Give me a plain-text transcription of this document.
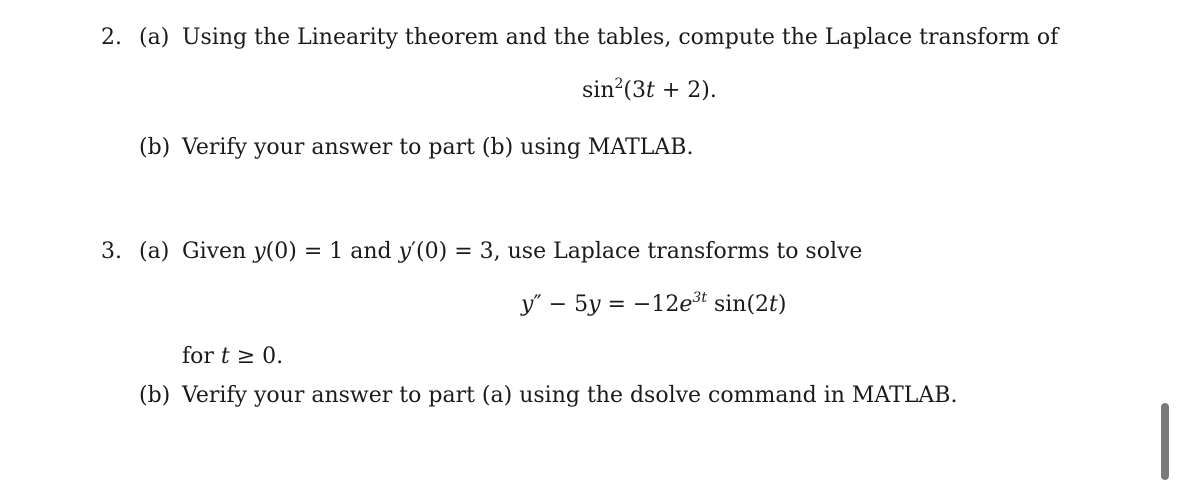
2. (a) Using the Linearity theorem and the tables, compute the Laplace transform of
$\sin^2(3t + 2)$.
(b) Verify your answer to part (b) using MATLAB.
3. (a) Given y(0) = 1 and y′(0) = 3, use Laplace transforms to solve
$y'' - 5y = -12e^{3t}$ sin(2t)
for t ≥ 0.
(b) Verify your answer to part (a) using the dsolve command in MATLAB.
